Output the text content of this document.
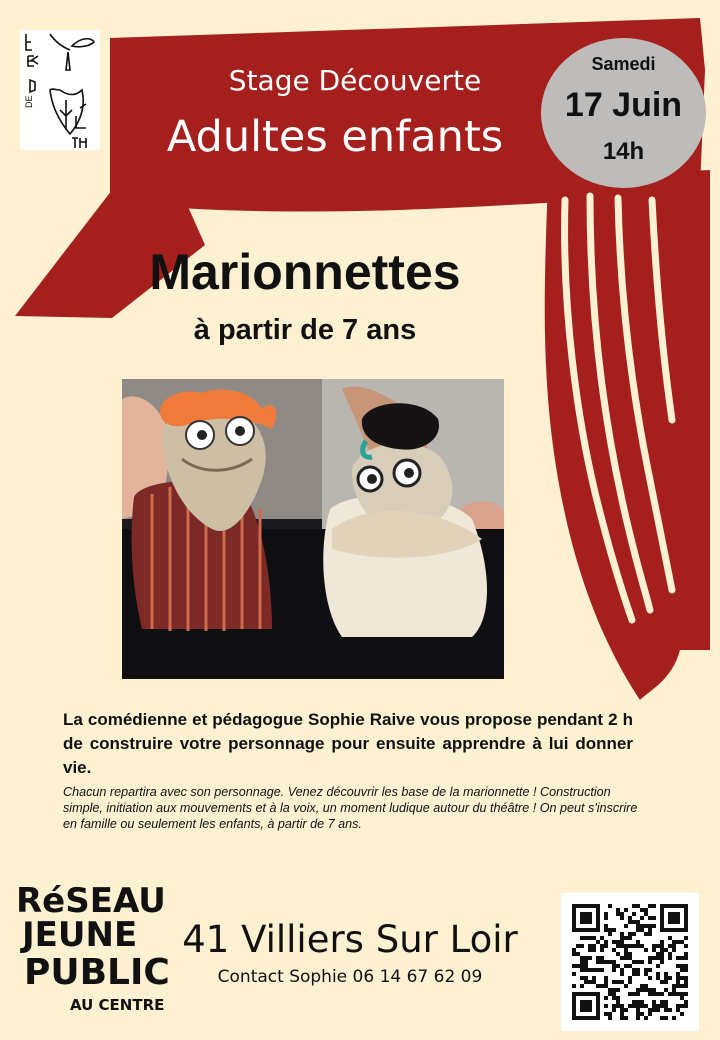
DE
Stage Découverte
Adultes enfants
Samedi
17 Juin
14h
Marionnettes
à partir de 7 ans
La comédienne et pédagogue Sophie Raive vous propose pendant 2 h de construire votre personnage pour ensuite apprendre à lui donner vie.
Chacun repartira avec son personnage. Venez découvrir les base de la marionnette ! Construction simple, initiation aux mouvements et à la voix, un moment ludique autour du théâtre ! On peut s'inscrire en famille ou seulement les enfants, à partir de 7 ans.
RéSEAU
JEUNE
PUBLIC
AU CENTRE
41 Villiers Sur Loir
Contact Sophie 06 14 67 62 09
